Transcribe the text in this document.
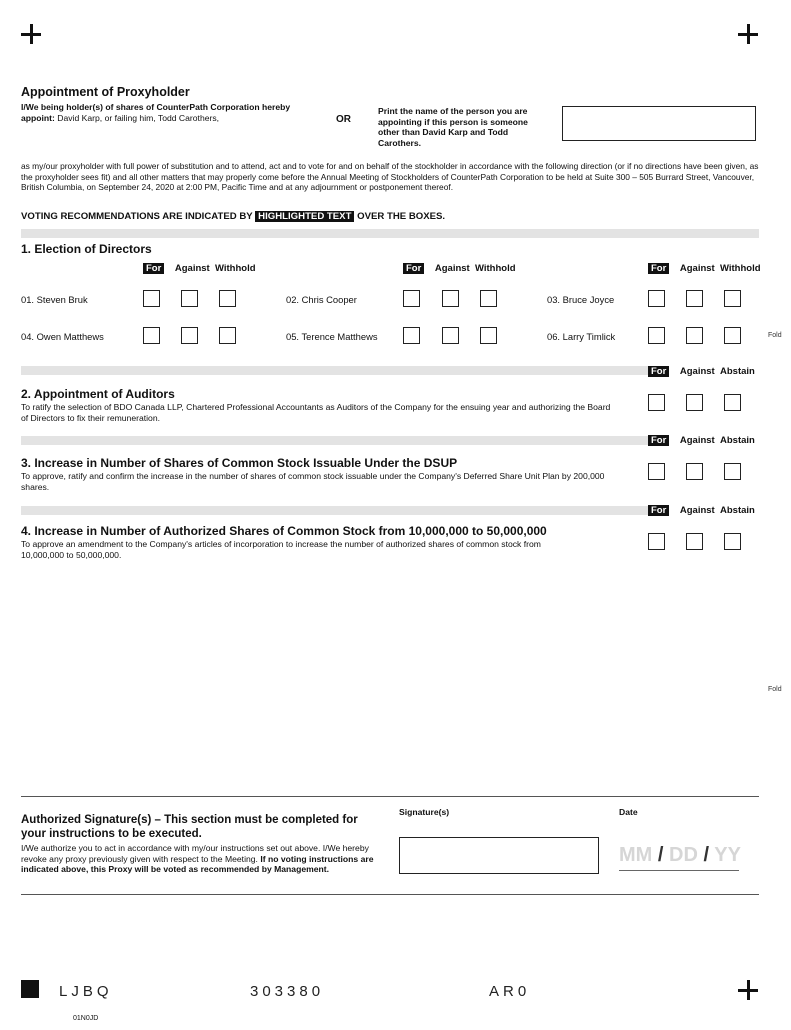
Appointment of Proxyholder
I/We being holder(s) of shares of CounterPath Corporation hereby appoint: David Karp, or failing him, Todd Carothers,	OR
Print the name of the person you are appointing if this person is someone other than David Karp and Todd Carothers.
as my/our proxyholder with full power of substitution and to attend, act and to vote for and on behalf of the stockholder in accordance with the following direction (or if no directions have been given, as the proxyholder sees fit) and all other matters that may properly come before the Annual Meeting of Stockholders of CounterPath Corporation to be held at Suite 300 – 505 Burrard Street, Vancouver, British Columbia, on September 24, 2020 at 2:00 PM, Pacific Time and at any adjournment or postponement thereof.
VOTING RECOMMENDATIONS ARE INDICATED BY HIGHLIGHTED TEXT OVER THE BOXES.
1. Election of Directors
For Against Withhold	For Against Withhold	For Against Withhold
01. Steven Bruk	02. Chris Cooper	03. Bruce Joyce
04. Owen Matthews	05. Terence Matthews	06. Larry Timlick	Fold
For Against Abstain
2. Appointment of Auditors
To ratify the selection of BDO Canada LLP, Chartered Professional Accountants as Auditors of the Company for the ensuing year and authorizing the Board of Directors to fix their remuneration.
For Against Abstain
3. Increase in Number of Shares of Common Stock Issuable Under the DSUP
To approve, ratify and confirm the increase in the number of shares of common stock issuable under the Company's Deferred Share Unit Plan by 200,000 shares.
For Against Abstain
4. Increase in Number of Authorized Shares of Common Stock from 10,000,000 to 50,000,000
To approve an amendment to the Company's articles of incorporation to increase the number of authorized shares of common stock from 10,000,000 to 50,000,000.
Fold
Authorized Signature(s) – This section must be completed for your instructions to be executed.
I/We authorize you to act in accordance with my/our instructions set out above. I/We hereby revoke any proxy previously given with respect to the Meeting. If no voting instructions are indicated above, this Proxy will be voted as recommended by Management.
Signature(s)	Date
MM / DD / YY
LJBQ	303380	AR0
01N0JD
